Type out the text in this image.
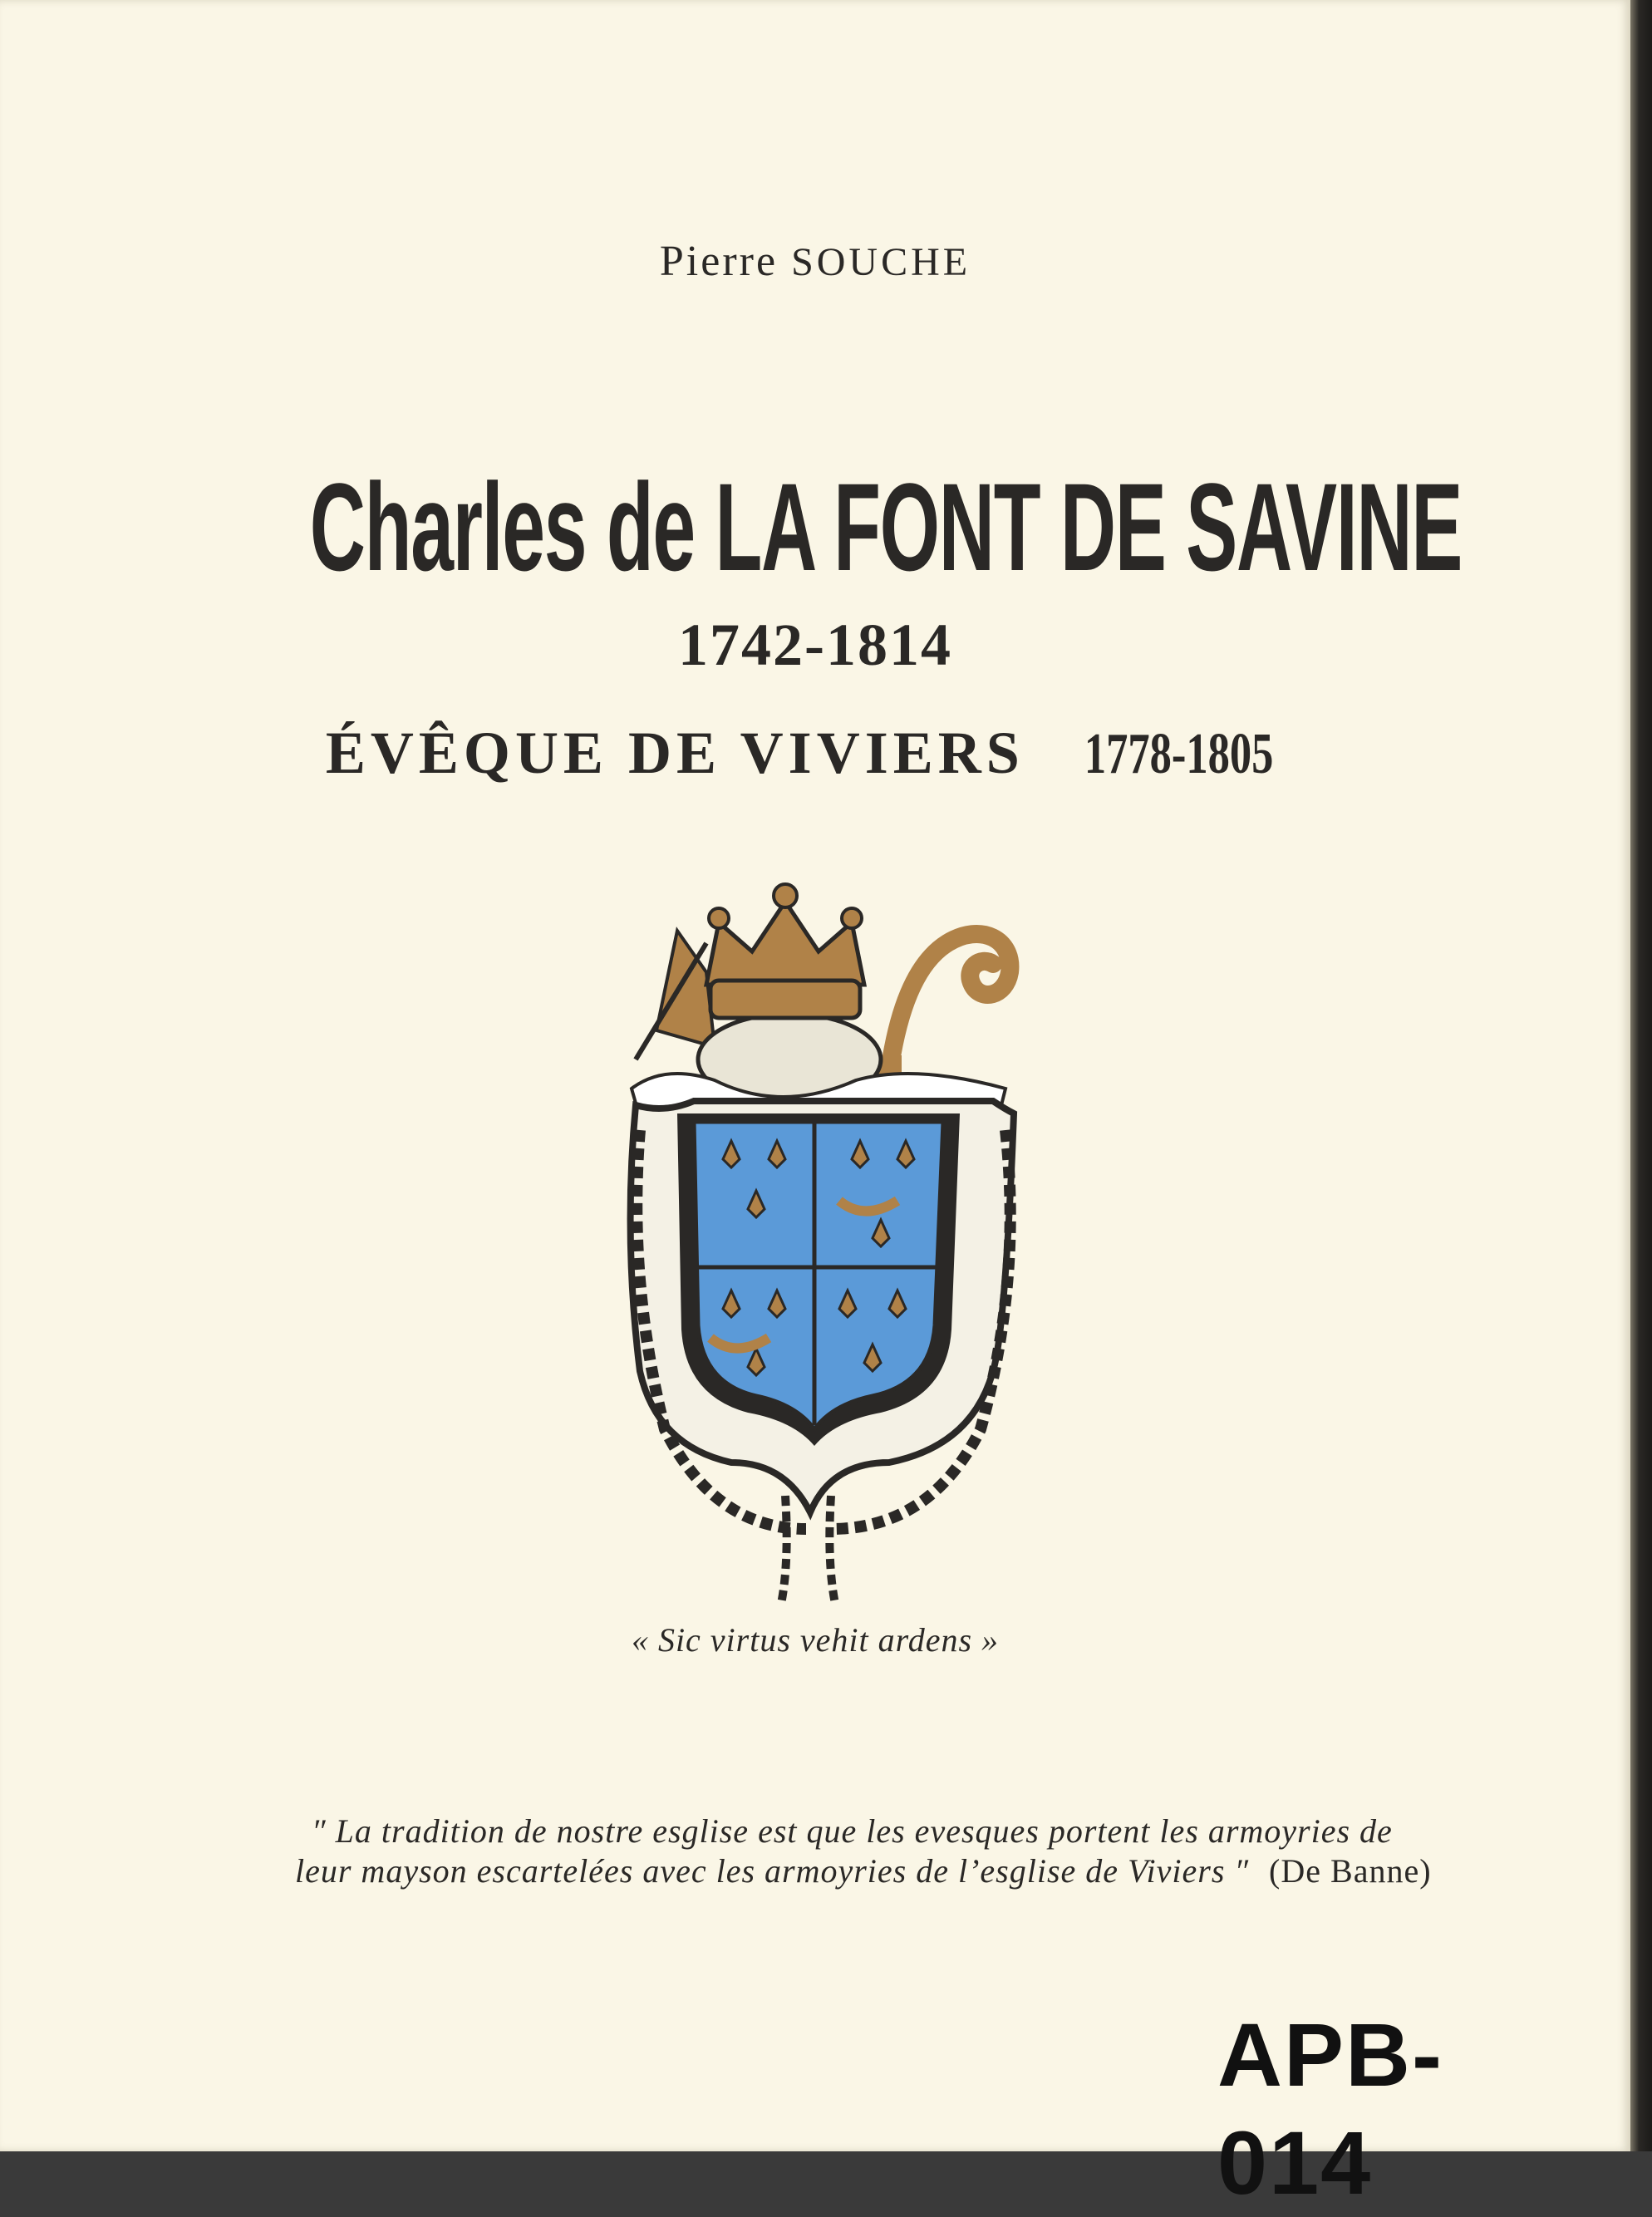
Pierre SOUCHE
Charles de LA FONT DE SAVINE
1742-1814
ÉVÊQUE DE VIVIERS 1778-1805
« Sic virtus vehit ardens »
APB-014
″ La tradition de nostre esglise est que les evesques portent les armoyries de
leur mayson escartelées avec les armoyries de l’esglise de Viviers ″ (De Banne)
